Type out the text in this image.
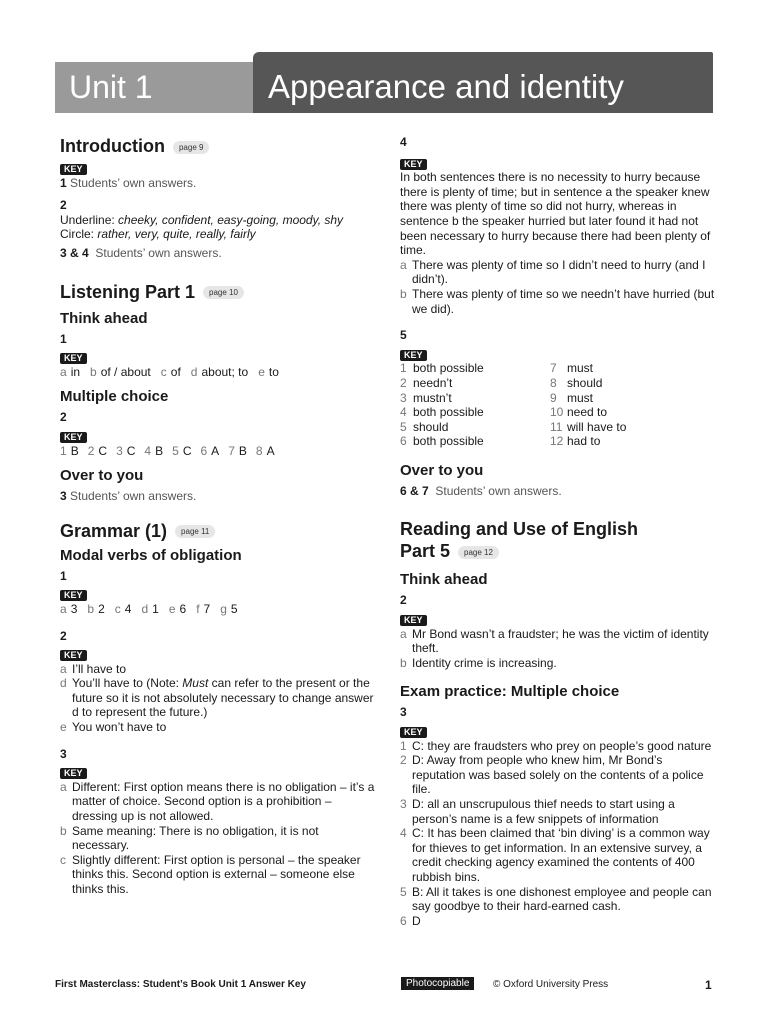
Unit 1	Appearance and identity
Introduction page 9
KEY
1 Students’ own answers.
2
Underline: cheeky, confident, easy-going, moody, shy
Circle: rather, very, quite, really, fairly
3 & 4 Students’ own answers.
Listening Part 1 page 10
Think ahead
1
KEY
a in b of / about c of d about; to e to
Multiple choice
2
KEY
1 B 2 C 3 C 4 B 5 C 6 A 7 B 8 A
Over to you
3 Students’ own answers.
Grammar (1) page 11
Modal verbs of obligation
1
KEY
a 3 b 2 c 4 d 1 e 6 f 7 g 5
2
KEY
a I’ll have to
d You’ll have to (Note: Must can refer to the present or the future so it is not absolutely necessary to change answer d to represent the future.)
e You won’t have to
3
KEY
a Different: First option means there is no obligation – it’s a matter of choice. Second option is a prohibition – dressing up is not allowed.
b Same meaning: There is no obligation, it is not necessary.
c Slightly different: First option is personal – the speaker thinks this. Second option is external – someone else thinks this.
4
KEY
In both sentences there is no necessity to hurry because there is plenty of time; but in sentence a the speaker knew there was plenty of time so did not hurry, whereas in sentence b the speaker hurried but later found it had not been necessary to hurry because there had been plenty of time.
a There was plenty of time so I didn’t need to hurry (and I didn’t).
b There was plenty of time so we needn’t have hurried (but we did).
5
KEY
1 both possible
2 needn’t
3 mustn’t
4 both possible
5 should
6 both possible
7 must
8 should
9 must
10 need to
11 will have to
12 had to
Over to you
6 & 7 Students’ own answers.
Reading and Use of English
Part 5 page 12
Think ahead
2
KEY
a Mr Bond wasn’t a fraudster; he was the victim of identity theft.
b Identity crime is increasing.
Exam practice: Multiple choice
3
KEY
1 C: they are fraudsters who prey on people’s good nature
2 D: Away from people who knew him, Mr Bond’s reputation was based solely on the contents of a police file.
3 D: all an unscrupulous thief needs to start using a person’s name is a few snippets of information
4 C: It has been claimed that ‘bin diving’ is a common way for thieves to get information. In an extensive survey, a credit checking agency examined the contents of 400 rubbish bins.
5 B: All it takes is one dishonest employee and people can say goodbye to their hard-earned cash.
6 D
First Masterclass: Student’s Book Unit 1 Answer Key	Photocopiable	© Oxford University Press	1
